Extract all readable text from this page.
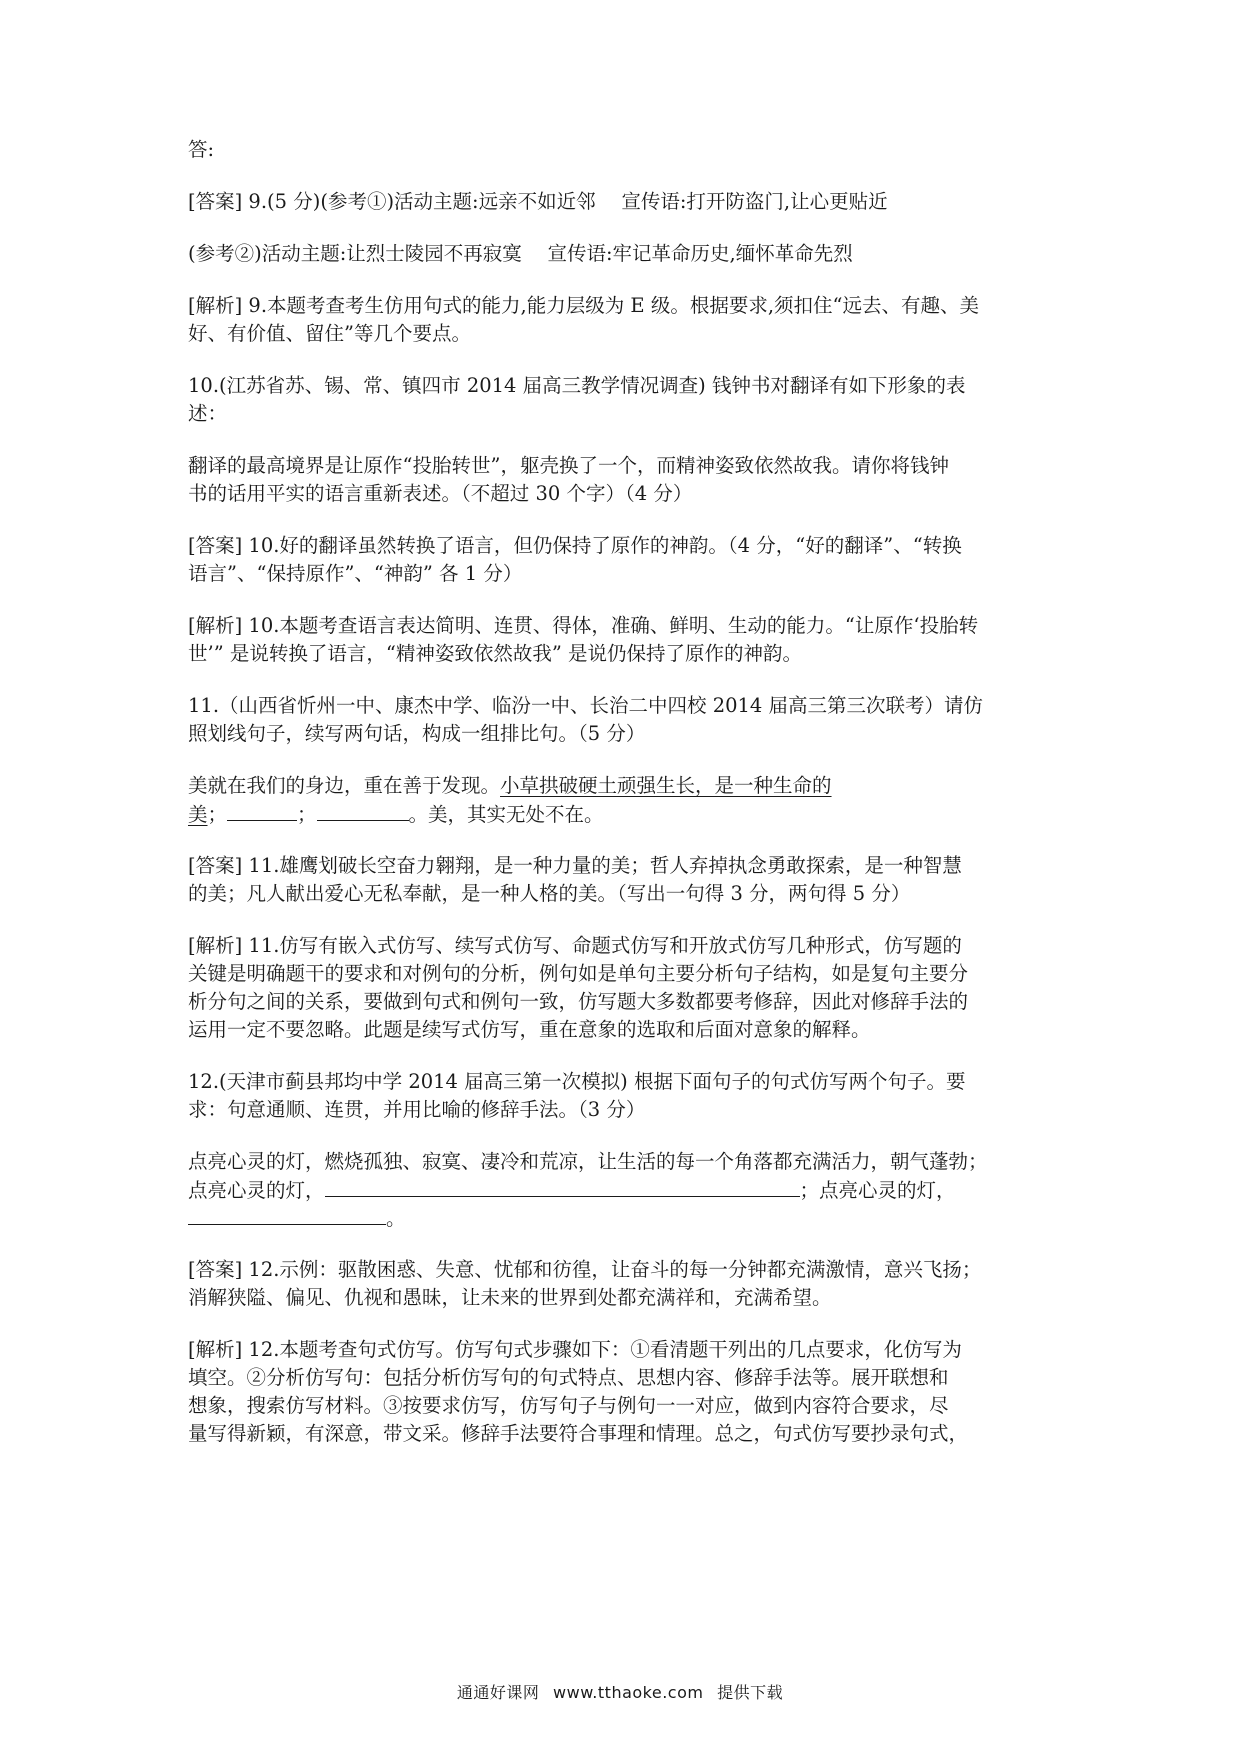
答:

[答案] 9.(5 分)(参考①)活动主题:远亲不如近邻　 宣传语:打开防盗门,让心更贴近

(参考②)活动主题:让烈士陵园不再寂寞　 宣传语:牢记革命历史,缅怀革命先烈

[解析] 9.本题考查考生仿用句式的能力,能力层级为 E 级。根据要求,须扣住“远去、有趣、美

好、有价值、留住”等几个要点。

10.(江苏省苏、锡、常、镇四市 2014 届高三教学情况调查) 钱钟书对翻译有如下形象的表

述：

翻译的最高境界是让原作“投胎转世”，躯壳换了一个，而精神姿致依然故我。请你将钱钟

书的话用平实的语言重新表述。（不超过 30 个字）（4 分）

[答案] 10.好的翻译虽然转换了语言，但仍保持了原作的神韵。（4 分，“好的翻译”、“转换

语言”、“保持原作”、“神韵” 各 1 分）

[解析] 10.本题考查语言表达简明、连贯、得体，准确、鲜明、生动的能力。“让原作‘投胎转

世’” 是说转换了语言，“精神姿致依然故我” 是说仍保持了原作的神韵。

11.（山西省忻州一中、康杰中学、临汾一中、长治二中四校 2014 届高三第三次联考）请仿

照划线句子，续写两句话，构成一组排比句。（5 分）

美就在我们的身边，重在善于发现。小草拱破硬土顽强生长，是一种生命的

美；	；	。美，其实无处不在。

[答案] 11.雄鹰划破长空奋力翱翔，是一种力量的美；哲人弃掉执念勇敢探索，是一种智慧

的美；凡人献出爱心无私奉献，是一种人格的美。（写出一句得 3 分，两句得 5 分）

[解析] 11.仿写有嵌入式仿写、续写式仿写、命题式仿写和开放式仿写几种形式，仿写题的

关键是明确题干的要求和对例句的分析，例句如是单句主要分析句子结构，如是复句主要分

析分句之间的关系，要做到句式和例句一致，仿写题大多数都要考修辞，因此对修辞手法的

运用一定不要忽略。此题是续写式仿写，重在意象的选取和后面对意象的解释。

12.(天津市蓟县邦均中学 2014 届高三第一次模拟) 根据下面句子的句式仿写两个句子。要

求：句意通顺、连贯，并用比喻的修辞手法。（3 分）

点亮心灵的灯，燃烧孤独、寂寞、凄冷和荒凉，让生活的每一个角落都充满活力，朝气蓬勃；

点亮心灵的灯，	；点亮心灵的灯，

。

[答案] 12.示例：驱散困惑、失意、忧郁和彷徨，让奋斗的每一分钟都充满激情，意兴飞扬；

消解狭隘、偏见、仇视和愚昧，让未来的世界到处都充满祥和，充满希望。

[解析] 12.本题考查句式仿写。仿写句式步骤如下：①看清题干列出的几点要求，化仿写为

填空。②分析仿写句：包括分析仿写句的句式特点、思想内容、修辞手法等。展开联想和

想象，搜索仿写材料。③按要求仿写，仿写句子与例句一一对应，做到内容符合要求，尽

量写得新颖，有深意，带文采。修辞手法要符合事理和情理。总之，句式仿写要抄录句式，

通通好课网 www.tthaoke.com 提供下载
